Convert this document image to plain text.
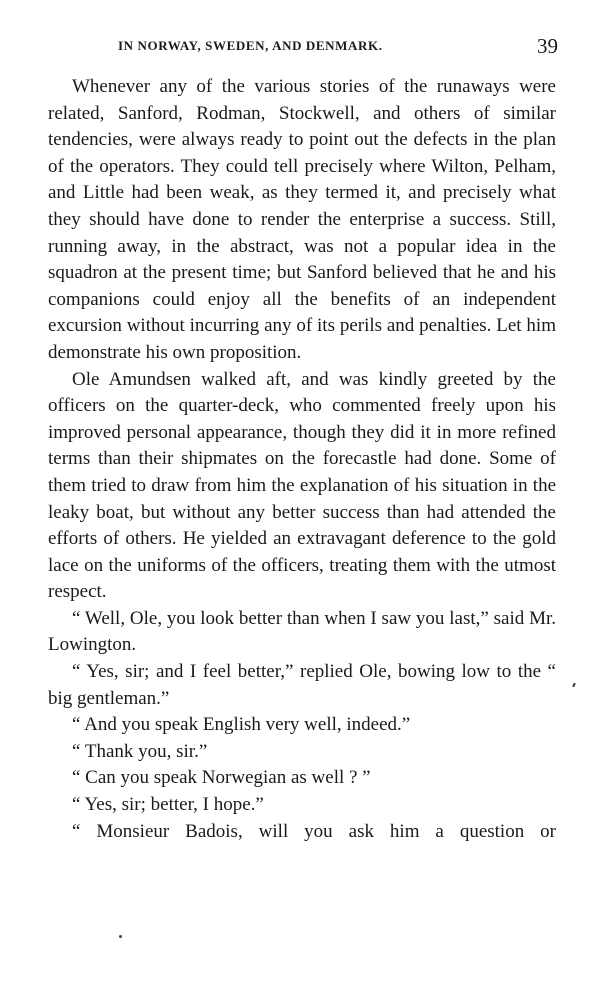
IN NORWAY, SWEDEN, AND DENMARK.	39

Whenever any of the various stories of the runaways were related, Sanford, Rodman, Stockwell, and others of similar tendencies, were always ready to point out the defects in the plan of the operators. They could tell precisely where Wilton, Pelham, and Little had been weak, as they termed it, and precisely what they should have done to render the enterprise a success. Still, running away, in the abstract, was not a popular idea in the squadron at the present time; but Sanford believed that he and his companions could enjoy all the benefits of an independent excursion without incurring any of its perils and penalties. Let him demonstrate his own proposition.

Ole Amundsen walked aft, and was kindly greeted by the officers on the quarter-deck, who commented freely upon his improved personal appearance, though they did it in more refined terms than their shipmates on the forecastle had done. Some of them tried to draw from him the explanation of his situation in the leaky boat, but without any better success than had attended the efforts of others. He yielded an extravagant deference to the gold lace on the uniforms of the officers, treating them with the utmost respect.

“ Well, Ole, you look better than when I saw you last,” said Mr. Lowington.

“ Yes, sir; and I feel better,” replied Ole, bowing low to the “ big gentleman.”

“ And you speak English very well, indeed.”

“ Thank you, sir.”

“ Can you speak Norwegian as well ? ”

“ Yes, sir; better, I hope.”

“ Monsieur Badois, will you ask him a question or
